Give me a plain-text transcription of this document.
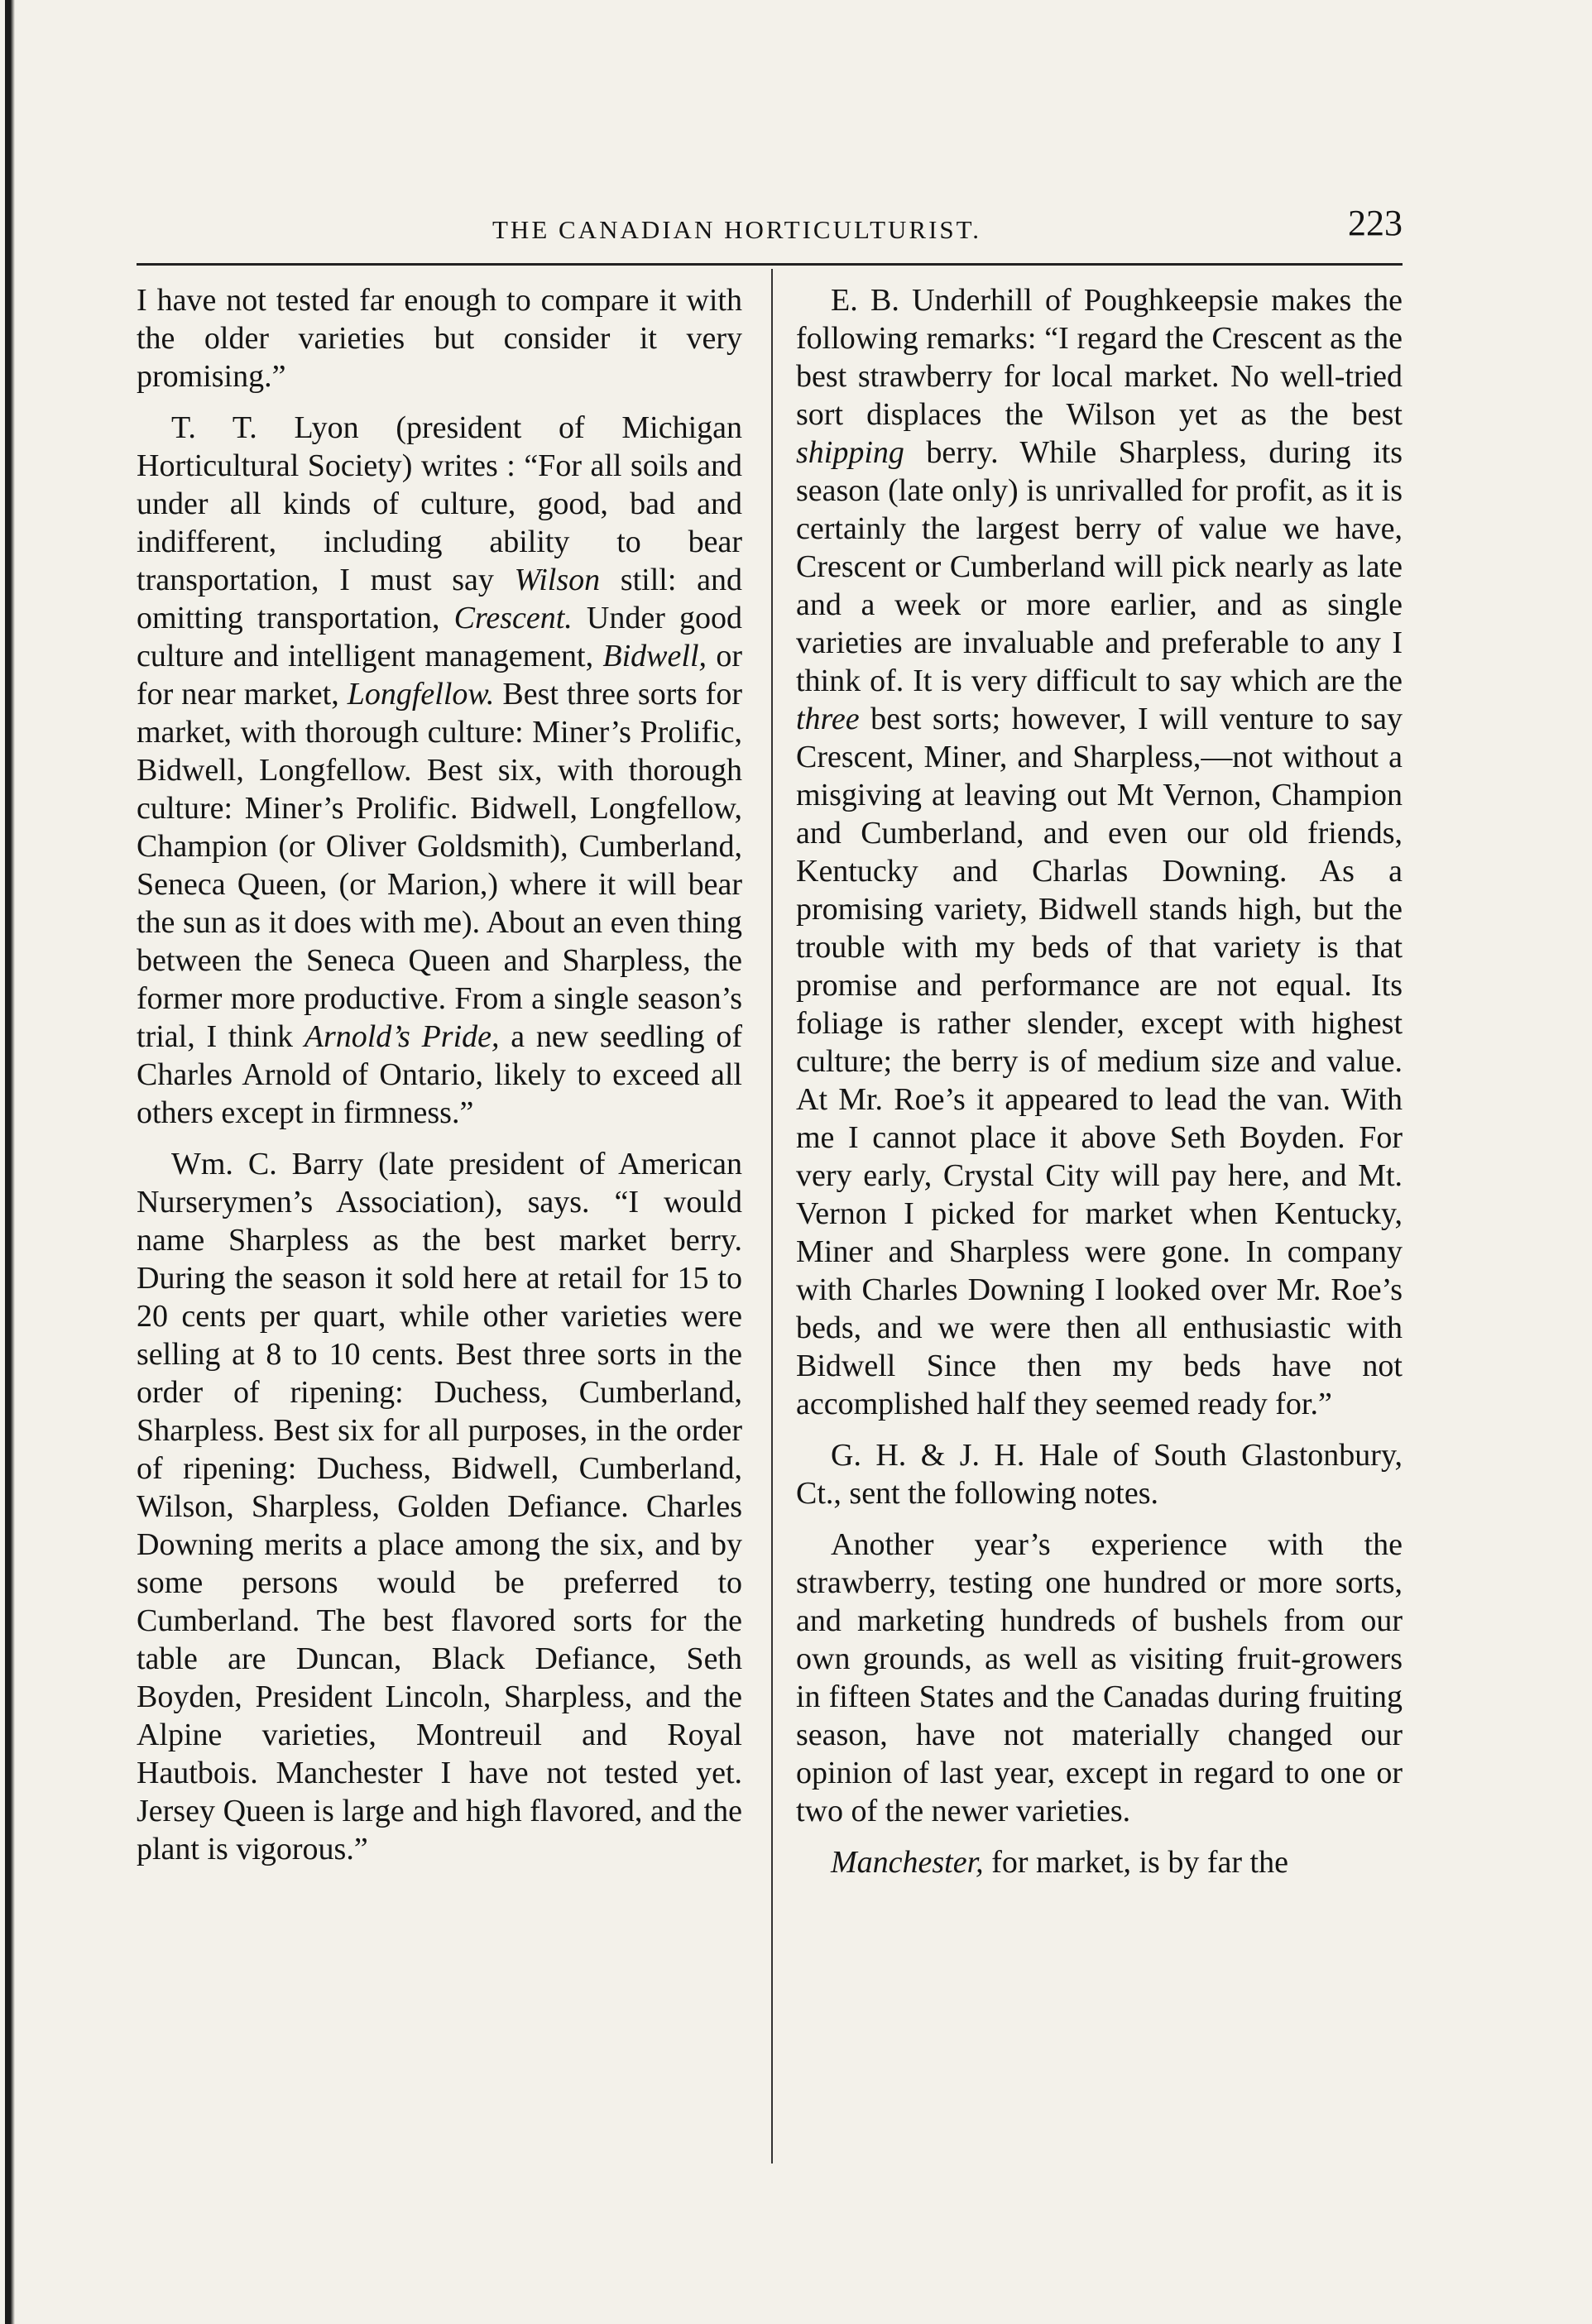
THE CANADIAN HORTICULTURIST.	223

I have not tested far enough to compare it with the older varieties but consider it very promising.”

T. T. Lyon (president of Michigan Horticultural Society) writes : “For all soils and under all kinds of culture, good, bad and indifferent, including ability to bear transportation, I must say Wilson still: and omitting transportation, Crescent. Under good culture and intelligent management, Bidwell, or for near market, Longfellow. Best three sorts for market, with thorough culture: Miner’s Prolific, Bidwell, Longfellow. Best six, with thorough culture: Miner’s Prolific. Bidwell, Longfellow, Champion (or Oliver Goldsmith), Cumberland, Seneca Queen, (or Marion,) where it will bear the sun as it does with me). About an even thing between the Seneca Queen and Sharpless, the former more productive. From a single season’s trial, I think Arnold’s Pride, a new seedling of Charles Arnold of Ontario, likely to exceed all others except in firmness.”

Wm. C. Barry (late president of American Nurserymen’s Association), says. “I would name Sharpless as the best market berry. During the season it sold here at retail for 15 to 20 cents per quart, while other varieties were selling at 8 to 10 cents. Best three sorts in the order of ripening: Duchess, Cumberland, Sharpless. Best six for all purposes, in the order of ripening: Duchess, Bidwell, Cumberland, Wilson, Sharpless, Golden Defiance. Charles Downing merits a place among the six, and by some persons would be preferred to Cumberland. The best flavored sorts for the table are Duncan, Black Defiance, Seth Boyden, President Lincoln, Sharpless, and the Alpine varieties, Montreuil and Royal Hautbois. Manchester I have not tested yet. Jersey Queen is large and high flavored, and the plant is vigorous.”

E. B. Underhill of Poughkeepsie makes the following remarks: “I regard the Crescent as the best strawberry for local market. No well-tried sort displaces the Wilson yet as the best shipping berry. While Sharpless, during its season (late only) is unrivalled for profit, as it is certainly the largest berry of value we have, Crescent or Cumberland will pick nearly as late and a week or more earlier, and as single varieties are invaluable and preferable to any I think of. It is very difficult to say which are the three best sorts; however, I will venture to say Crescent, Miner, and Sharpless,—not without a misgiving at leaving out Mt Vernon, Champion and Cumberland, and even our old friends, Kentucky and Charlas Downing. As a promising variety, Bidwell stands high, but the trouble with my beds of that variety is that promise and performance are not equal. Its foliage is rather slender, except with highest culture; the berry is of medium size and value. At Mr. Roe’s it appeared to lead the van. With me I cannot place it above Seth Boyden. For very early, Crystal City will pay here, and Mt. Vernon I picked for market when Kentucky, Miner and Sharpless were gone. In company with Charles Downing I looked over Mr. Roe’s beds, and we were then all enthusiastic with Bidwell Since then my beds have not accomplished half they seemed ready for.”

G. H. & J. H. Hale of South Glastonbury, Ct., sent the following notes.

Another year’s experience with the strawberry, testing one hundred or more sorts, and marketing hundreds of bushels from our own grounds, as well as visiting fruit-growers in fifteen States and the Canadas during fruiting season, have not materially changed our opinion of last year, except in regard to one or two of the newer varieties.

Manchester, for market, is by far the
